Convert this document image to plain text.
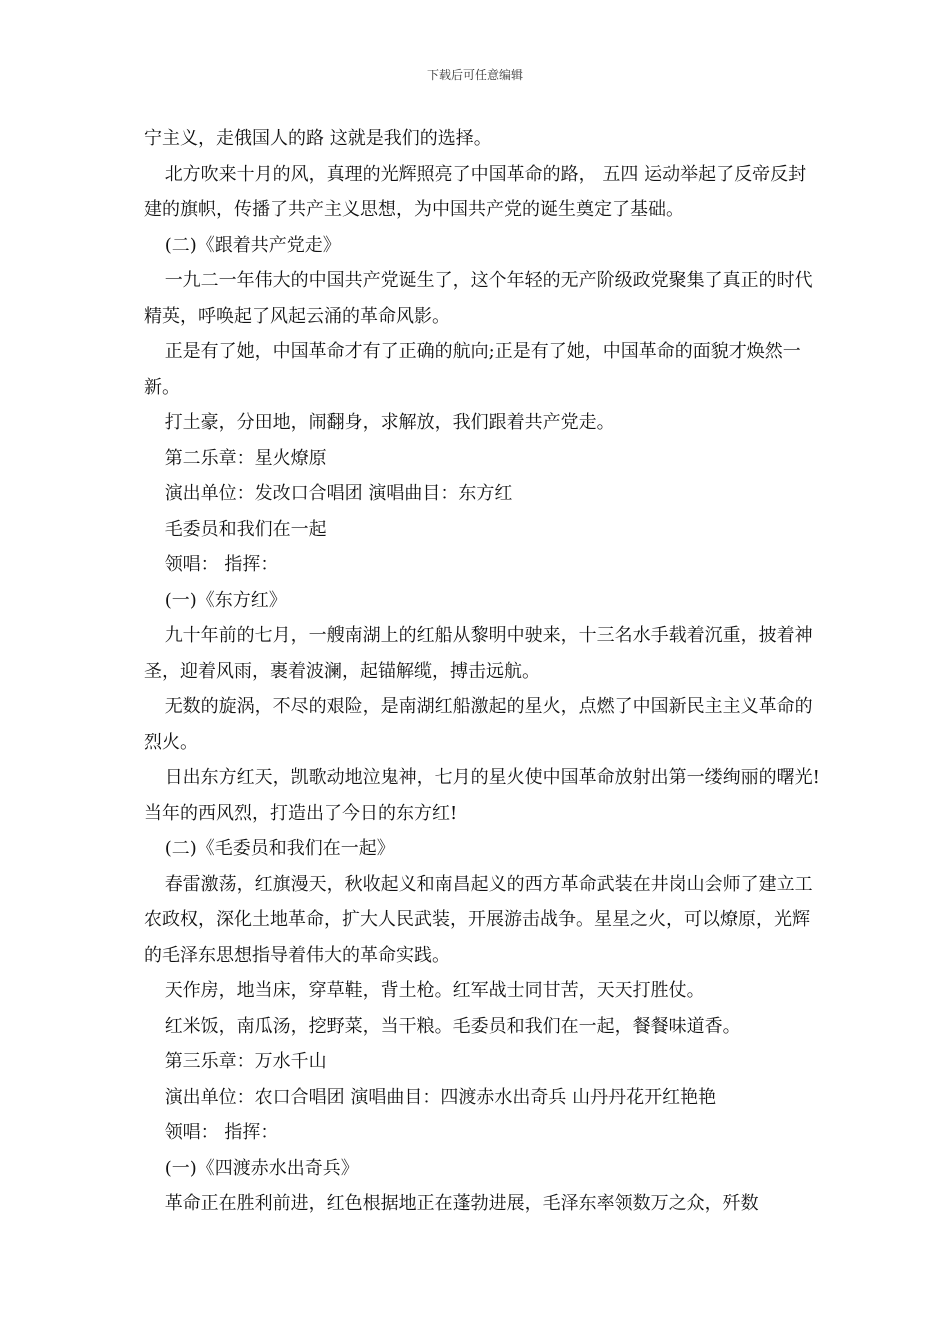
下载后可任意编辑

宁主义，走俄国人的路 这就是我们的选择。

北方吹来十月的风，真理的光辉照亮了中国革命的路， 五四 运动举起了反帝反封建的旗帜，传播了共产主义思想，为中国共产党的诞生奠定了基础。

(二)《跟着共产党走》

一九二一年伟大的中国共产党诞生了，这个年轻的无产阶级政党聚集了真正的时代精英，呼唤起了风起云涌的革命风影。

正是有了她，中国革命才有了正确的航向;正是有了她，中国革命的面貌才焕然一新。

打土豪，分田地，闹翻身，求解放，我们跟着共产党走。

第二乐章：星火燎原

演出单位：发改口合唱团 演唱曲目：东方红

毛委员和我们在一起

领唱： 指挥：

(一)《东方红》

九十年前的七月，一艘南湖上的红船从黎明中驶来，十三名水手载着沉重，披着神圣，迎着风雨，裹着波澜，起锚解缆，搏击远航。

无数的旋涡，不尽的艰险，是南湖红船激起的星火，点燃了中国新民主主义革命的烈火。

日出东方红天，凯歌动地泣鬼神，七月的星火使中国革命放射出第一缕绚丽的曙光!当年的西风烈，打造出了今日的东方红!

(二)《毛委员和我们在一起》

春雷激荡，红旗漫天，秋收起义和南昌起义的西方革命武装在井岗山会师了建立工农政权，深化土地革命，扩大人民武装，开展游击战争。星星之火，可以燎原，光辉的毛泽东思想指导着伟大的革命实践。

天作房，地当床，穿草鞋，背土枪。红军战士同甘苦，天天打胜仗。

红米饭，南瓜汤，挖野菜，当干粮。毛委员和我们在一起，餐餐味道香。

第三乐章：万水千山

演出单位：农口合唱团 演唱曲目：四渡赤水出奇兵 山丹丹花开红艳艳

领唱： 指挥：

(一)《四渡赤水出奇兵》

革命正在胜利前进，红色根据地正在蓬勃进展，毛泽东率领数万之众，歼数
